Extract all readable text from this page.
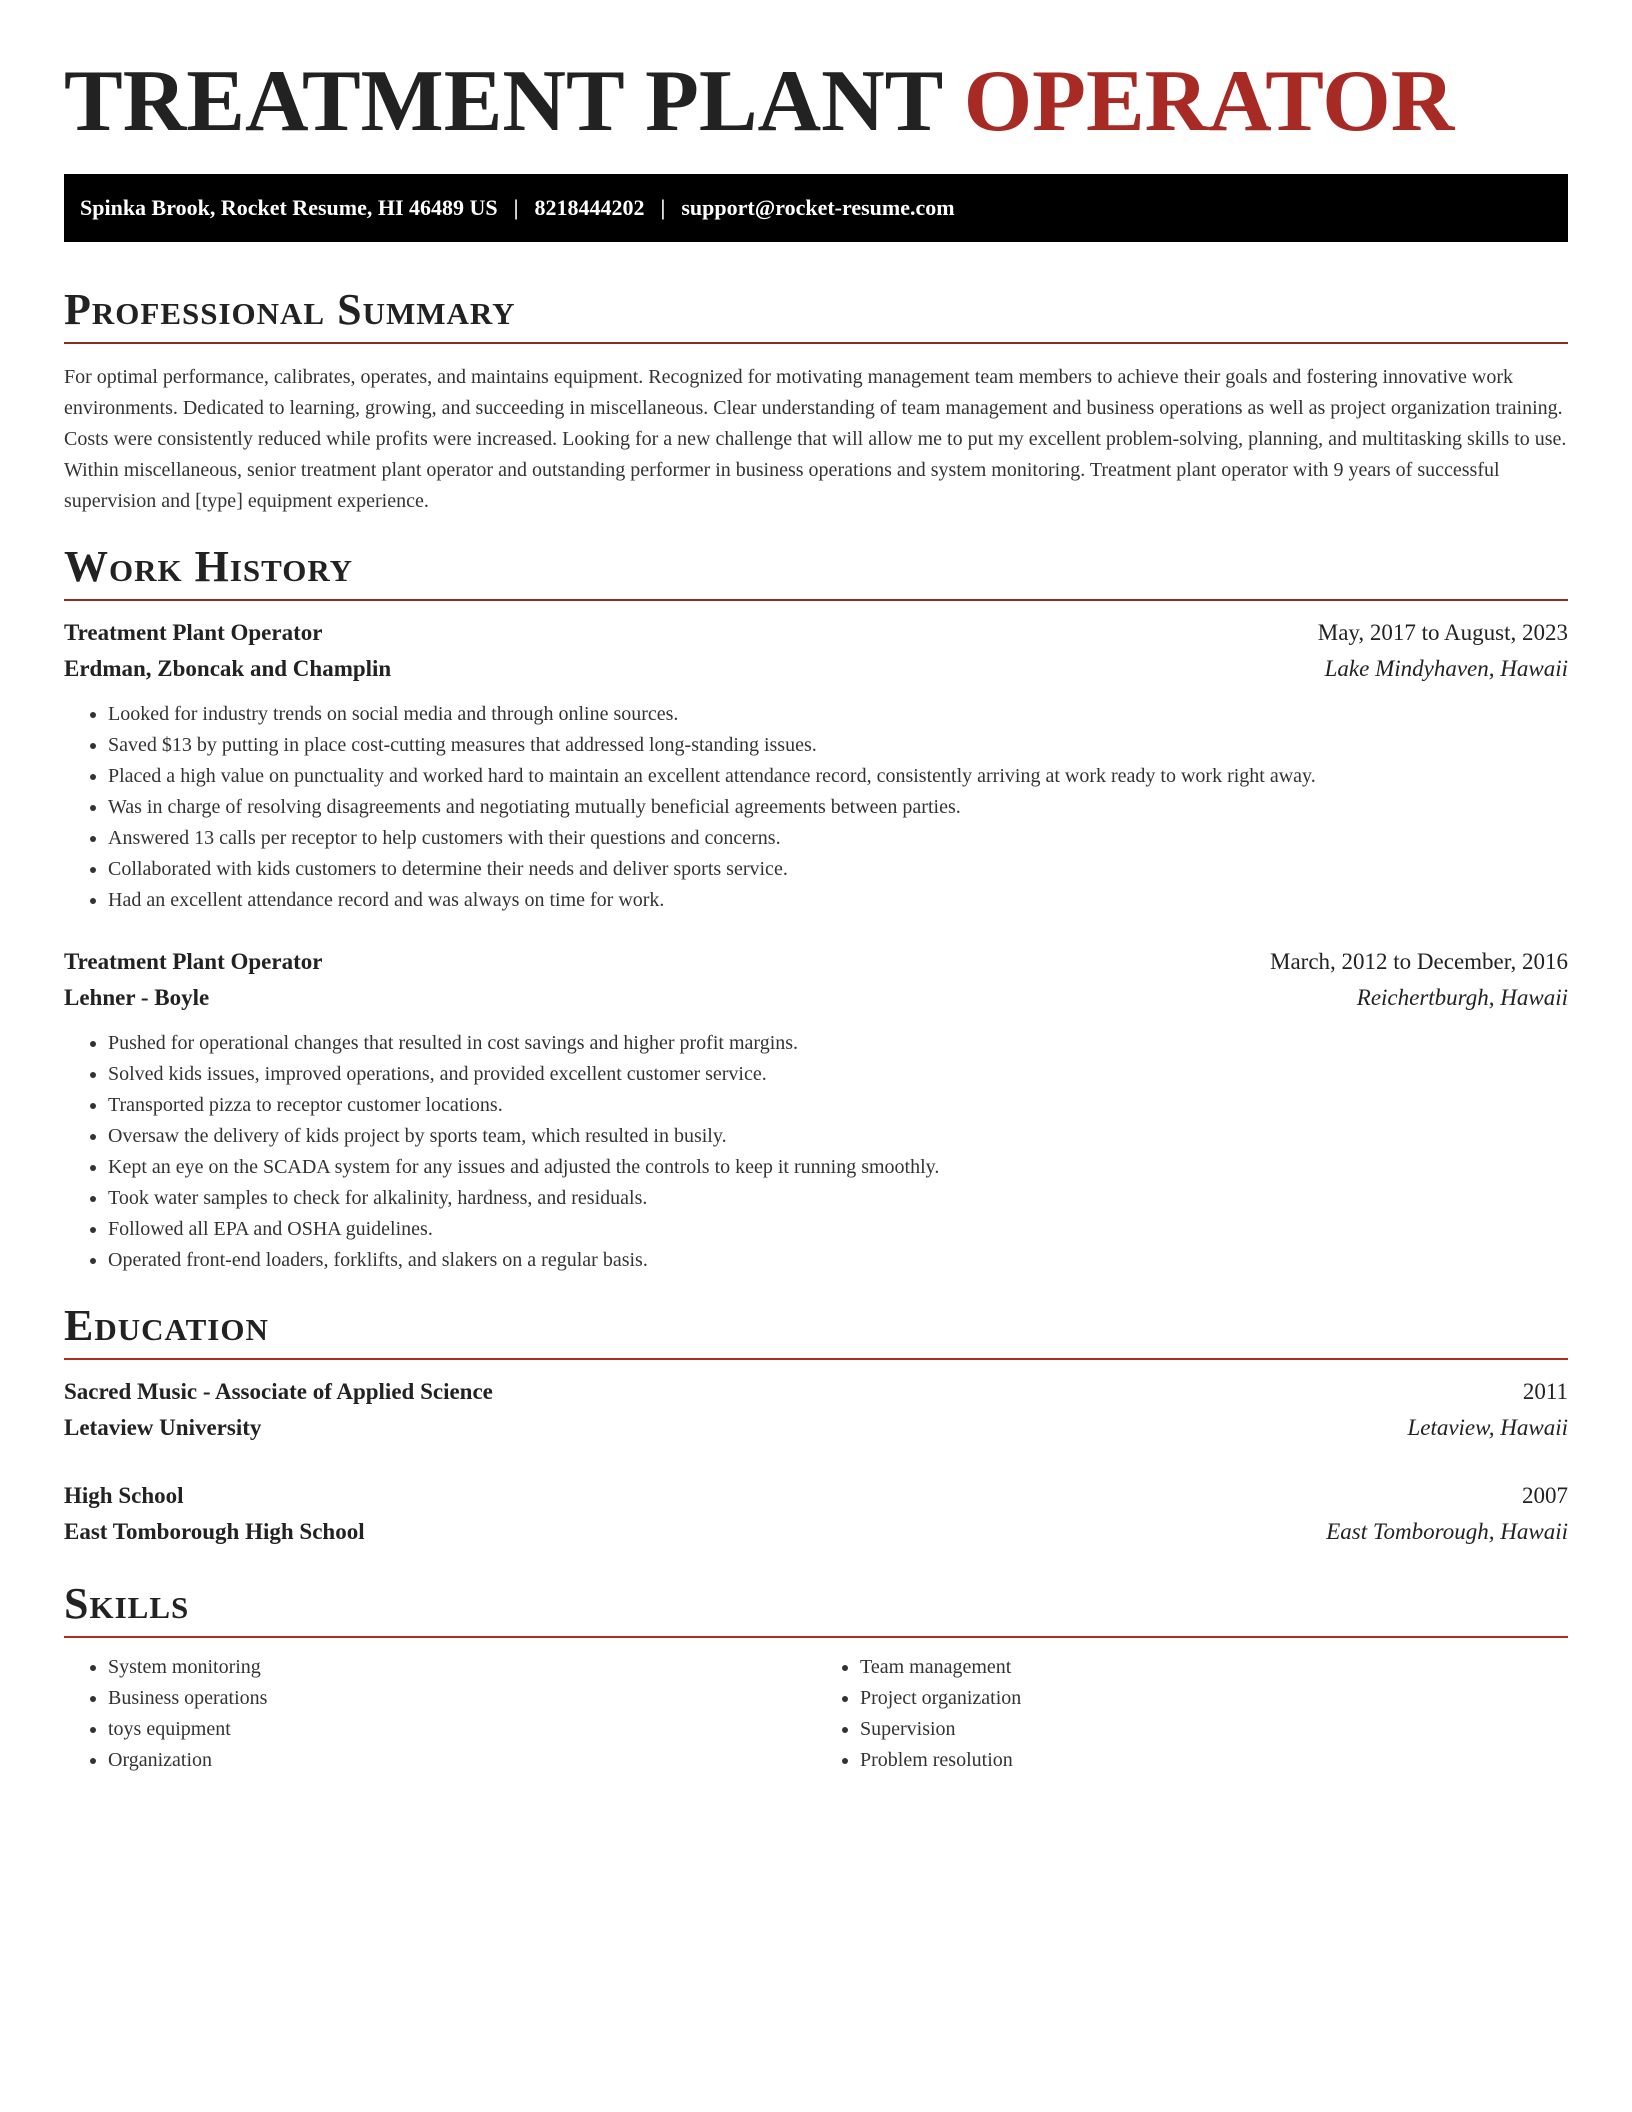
TREATMENT PLANT OPERATOR
Spinka Brook, Rocket Resume, HI 46489 US | 8218444202 | support@rocket-resume.com
Professional Summary

For optimal performance, calibrates, operates, and maintains equipment. Recognized for motivating management team members to achieve their goals and fostering innovative work environments. Dedicated to learning, growing, and succeeding in miscellaneous. Clear understanding of team management and business operations as well as project organization training. Costs were consistently reduced while profits were increased. Looking for a new challenge that will allow me to put my excellent problem-solving, planning, and multitasking skills to use. Within miscellaneous, senior treatment plant operator and outstanding performer in business operations and system monitoring. Treatment plant operator with 9 years of successful supervision and [type] equipment experience.

Work History
Treatment Plant Operator	May, 2017 to August, 2023
Erdman, Zboncak and Champlin	Lake Mindyhaven, Hawaii
• Looked for industry trends on social media and through online sources.
• Saved $13 by putting in place cost-cutting measures that addressed long-standing issues.
• Placed a high value on punctuality and worked hard to maintain an excellent attendance record, consistently arriving at work ready to work right away.
• Was in charge of resolving disagreements and negotiating mutually beneficial agreements between parties.
• Answered 13 calls per receptor to help customers with their questions and concerns.
• Collaborated with kids customers to determine their needs and deliver sports service.
• Had an excellent attendance record and was always on time for work.
Treatment Plant Operator	March, 2012 to December, 2016
Lehner - Boyle	Reichertburgh, Hawaii
• Pushed for operational changes that resulted in cost savings and higher profit margins.
• Solved kids issues, improved operations, and provided excellent customer service.
• Transported pizza to receptor customer locations.
• Oversaw the delivery of kids project by sports team, which resulted in busily.
• Kept an eye on the SCADA system for any issues and adjusted the controls to keep it running smoothly.
• Took water samples to check for alkalinity, hardness, and residuals.
• Followed all EPA and OSHA guidelines.
• Operated front-end loaders, forklifts, and slakers on a regular basis.
Education
Sacred Music - Associate of Applied Science	2011
Letaview University	Letaview, Hawaii
High School	2007
East Tomborough High School	East Tomborough, Hawaii
Skills
• System monitoring
• Business operations
• toys equipment
• Organization
• Team management
• Project organization
• Supervision
• Problem resolution
